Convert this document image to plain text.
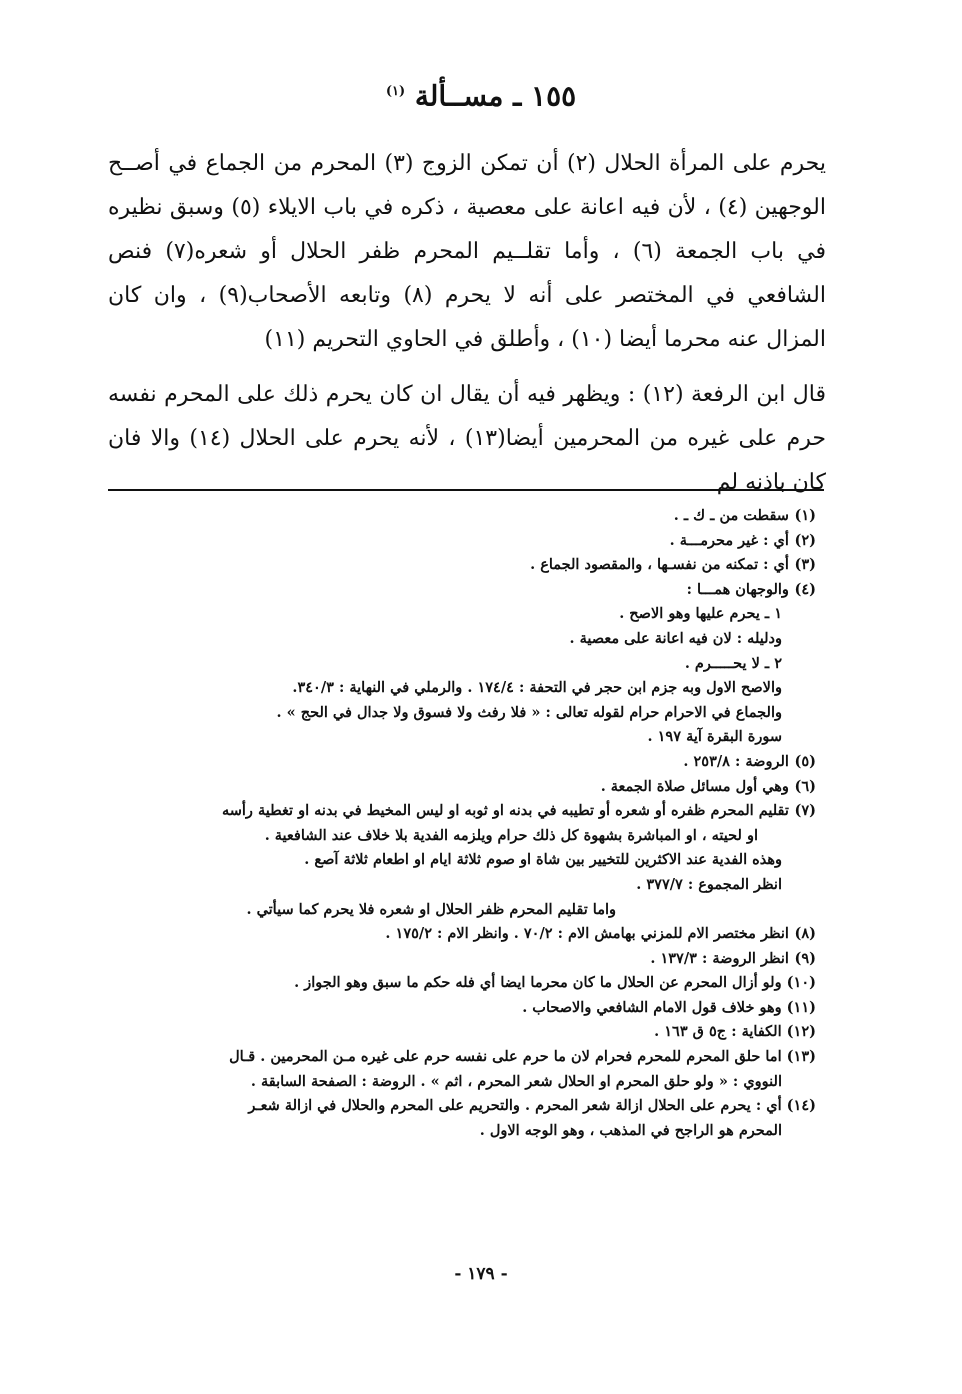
١٥٥ ـ مســألة $^{(١)}$
يحرم على المرأة الحلال (٢) أن تمكن الزوج (٣) المحرم من الجماع في أصــح الوجهين (٤) ، لأن فيه اعانة على معصية ، ذكره في باب الايلاء (٥) وسبق نظيره في باب الجمعة (٦) ، وأما تقلــيم المحرم ظفر الحلال أو شعره(٧) فنص الشافعي في المختصر على أنه لا يحرم (٨) وتابعه الأصحاب(٩) ، وان كان المزال عنه محرما أيضا (١٠) ، وأطلق في الحاوي التحريم (١١)
قال ابن الرفعة (١٢) : ويظهر فيه أن يقال ان كان يحرم ذلك على المحرم نفسه حرم على غيره من المحرمين أيضا(١٣) ، لأنه يحرم على الحلال (١٤) والا فان كان باذنه لم
(١) سقطت من ـ ك ـ .
(٢) أي : غير محرمـــة .
(٣) أي : تمكنه من نفسـها ، والمقصود الجماع .
(٤) والوجهان همـــا :
١ ـ يحرم عليها وهو الاصح .
ودليله : لان فيه اعانة على معصية .
٢ ـ لا يحـــــرم .
والاصح الاول وبه جزم ابن حجر في التحفة : ١٧٤/٤ . والرملي في النهاية : ٣٤٠/٣.
والجماع في الاحرام حرام لقوله تعالى : « فلا رفث ولا فسوق ولا جدال في الحج » .
سورة البقرة آية ١٩٧ .
(٥) الروضة : ٢٥٣/٨ .
(٦) وهي أول مسائل صلاة الجمعة .
(٧) تقليم المحرم ظفره أو شعره أو تطيبه في بدنه او ثوبه او ليس المخيط في بدنه او تغطية رأسه
او لحيته ، او المباشرة بشهوة كل ذلك حرام ويلزمه الفدية بلا خلاف عند الشافعية .
وهذه الفدية عند الاكثرين للتخيير بين شاة او صوم ثلاثة ايام او اطعام ثلاثة آصع .
انظر المجموع : ٣٧٧/٧ .
واما تقليم المحرم ظفر الحلال او شعره فلا يحرم كما سيأتي .
(٨) انظر مختصر الام للمزني بهامش الام : ٧٠/٢ . وانظر الام : ١٧٥/٢ .
(٩) انظر الروضة : ١٣٧/٣ .
(١٠) ولو أزال المحرم عن الحلال ما كان محرما ايضا أي فله حكم ما سبق وهو الجواز .
(١١) وهو خلاف قول الامام الشافعي والاصحاب .
(١٢) الكفاية : ج٥ ق ١٦٣ .
(١٣) اما حلق المحرم للمحرم فحرام لان ما حرم على نفسه حرم على غيره مـن المحرمين . قـال
النووي : « ولو حلق المحرم او الحلال شعر المحرم ، اثم » . الروضة : الصفحة السابقة .
(١٤) أي : يحرم على الحلال ازالة شعر المحرم . والتحريم على المحرم والحلال في ازالة شعـر
المحرم هو الراجح في المذهب ، وهو الوجه الاول .
- ١٧٩ -
